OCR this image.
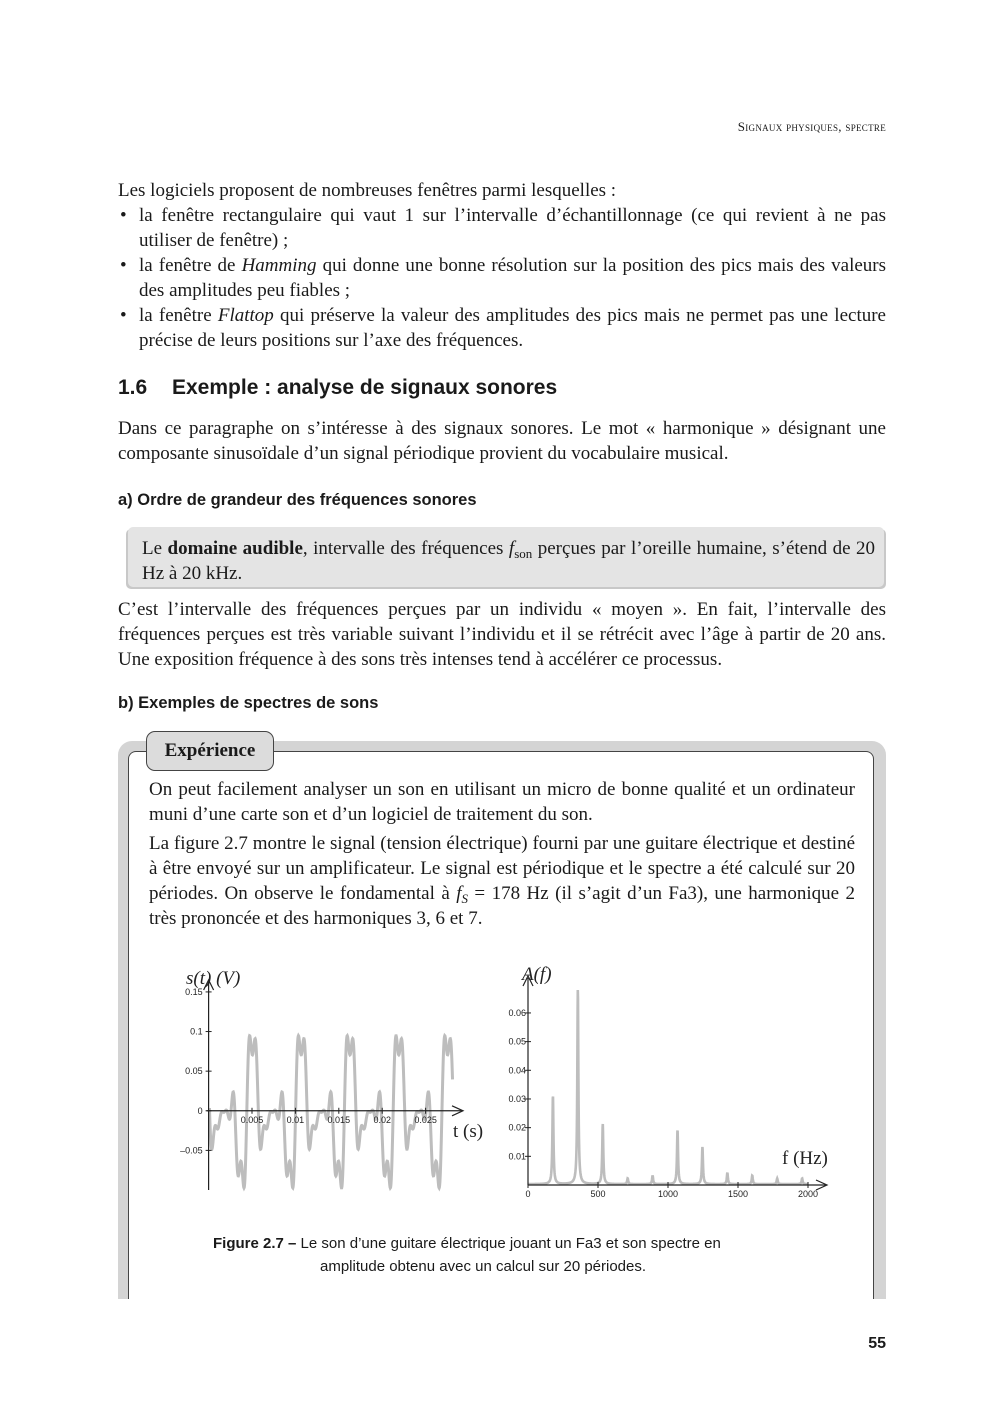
Signaux physiques, spectre

Les logiciels proposent de nombreuses fenêtres parmi lesquelles :

• la fenêtre rectangulaire qui vaut 1 sur l’intervalle d’échantillonnage (ce qui revient à ne pas utiliser de fenêtre) ;
• la fenêtre de Hamming qui donne une bonne résolution sur la position des pics mais des valeurs des amplitudes peu fiables ;
• la fenêtre Flattop qui préserve la valeur des amplitudes des pics mais ne permet pas une lecture précise de leurs positions sur l’axe des fréquences.
1.6 Exemple : analyse de signaux sonores

Dans ce paragraphe on s’intéresse à des signaux sonores. Le mot « harmonique » désignant une composante sinusoïdale d’un signal périodique provient du vocabulaire musical.

a) Ordre de grandeur des fréquences sonores
Le domaine audible, intervalle des fréquences $f_{son}$ perçues par l’oreille humaine, s’étend de 20 Hz à 20 kHz.

C’est l’intervalle des fréquences perçues par un individu « moyen ». En fait, l’intervalle des fréquences perçues est très variable suivant l’individu et il se rétrécit avec l’âge à partir de 20 ans. Une exposition fréquence à des sons très intenses tend à accélérer ce processus.

b) Exemples de spectres de sons
Expérience

On peut facilement analyser un son en utilisant un micro de bonne qualité et un ordinateur muni d’une carte son et d’un logiciel de traitement du son.

La figure 2.7 montre le signal (tension électrique) fourni par une guitare électrique et destiné à être envoyé sur un amplificateur. Le signal est périodique et le spectre a été calculé sur 20 périodes. On observe le fondamental à $f_S = 178$ Hz (il s’agit d’un Fa3), une harmonique 2 très prononcée et des harmoniques 3, 6 et 7.

0.005	0.01	0.015	0.02	0.025
0.15
0.1
0.05
0
–0.05
0	500	1000	1500	2000
0.06
0.05
0.04
0.03
0.02
0.01
s(t) (V)
t (s)
A(f)
f (Hz)
Figure 2.7 – Le son d’une guitare électrique jouant un Fa3 et son spectre en
amplitude obtenu avec un calcul sur 20 périodes.
55
